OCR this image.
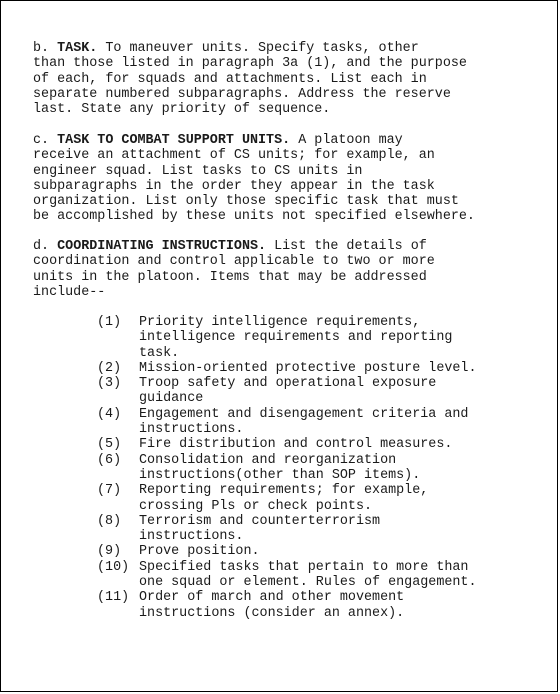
b. TASK. To maneuver units. Specify tasks, other
than those listed in paragraph 3a (1), and the purpose
of each, for squads and attachments. List each in
separate numbered subparagraphs. Address the reserve
last. State any priority of sequence.

c. TASK TO COMBAT SUPPORT UNITS. A platoon may
receive an attachment of CS units; for example, an
engineer squad. List tasks to CS units in
subparagraphs in the order they appear in the task
organization. List only those specific task that must
be accomplished by these units not specified elsewhere.

d. COORDINATING INSTRUCTIONS. List the details of
coordination and control applicable to two or more
units in the platoon. Items that may be addressed
include--

(1)	Priority intelligence requirements,
intelligence requirements and reporting
task.
(2)	Mission-oriented protective posture level.
(3)	Troop safety and operational exposure
guidance
(4)	Engagement and disengagement criteria and
instructions.
(5)	Fire distribution and control measures.
(6)	Consolidation and reorganization
instructions(other than SOP items).
(7)	Reporting requirements; for example,
crossing Pls or check points.
(8)	Terrorism and counterterrorism
instructions.
(9)	Prove position.
(10) Specified tasks that pertain to more than
one squad or element. Rules of engagement.
(11) Order of march and other movement
instructions (consider an annex).
